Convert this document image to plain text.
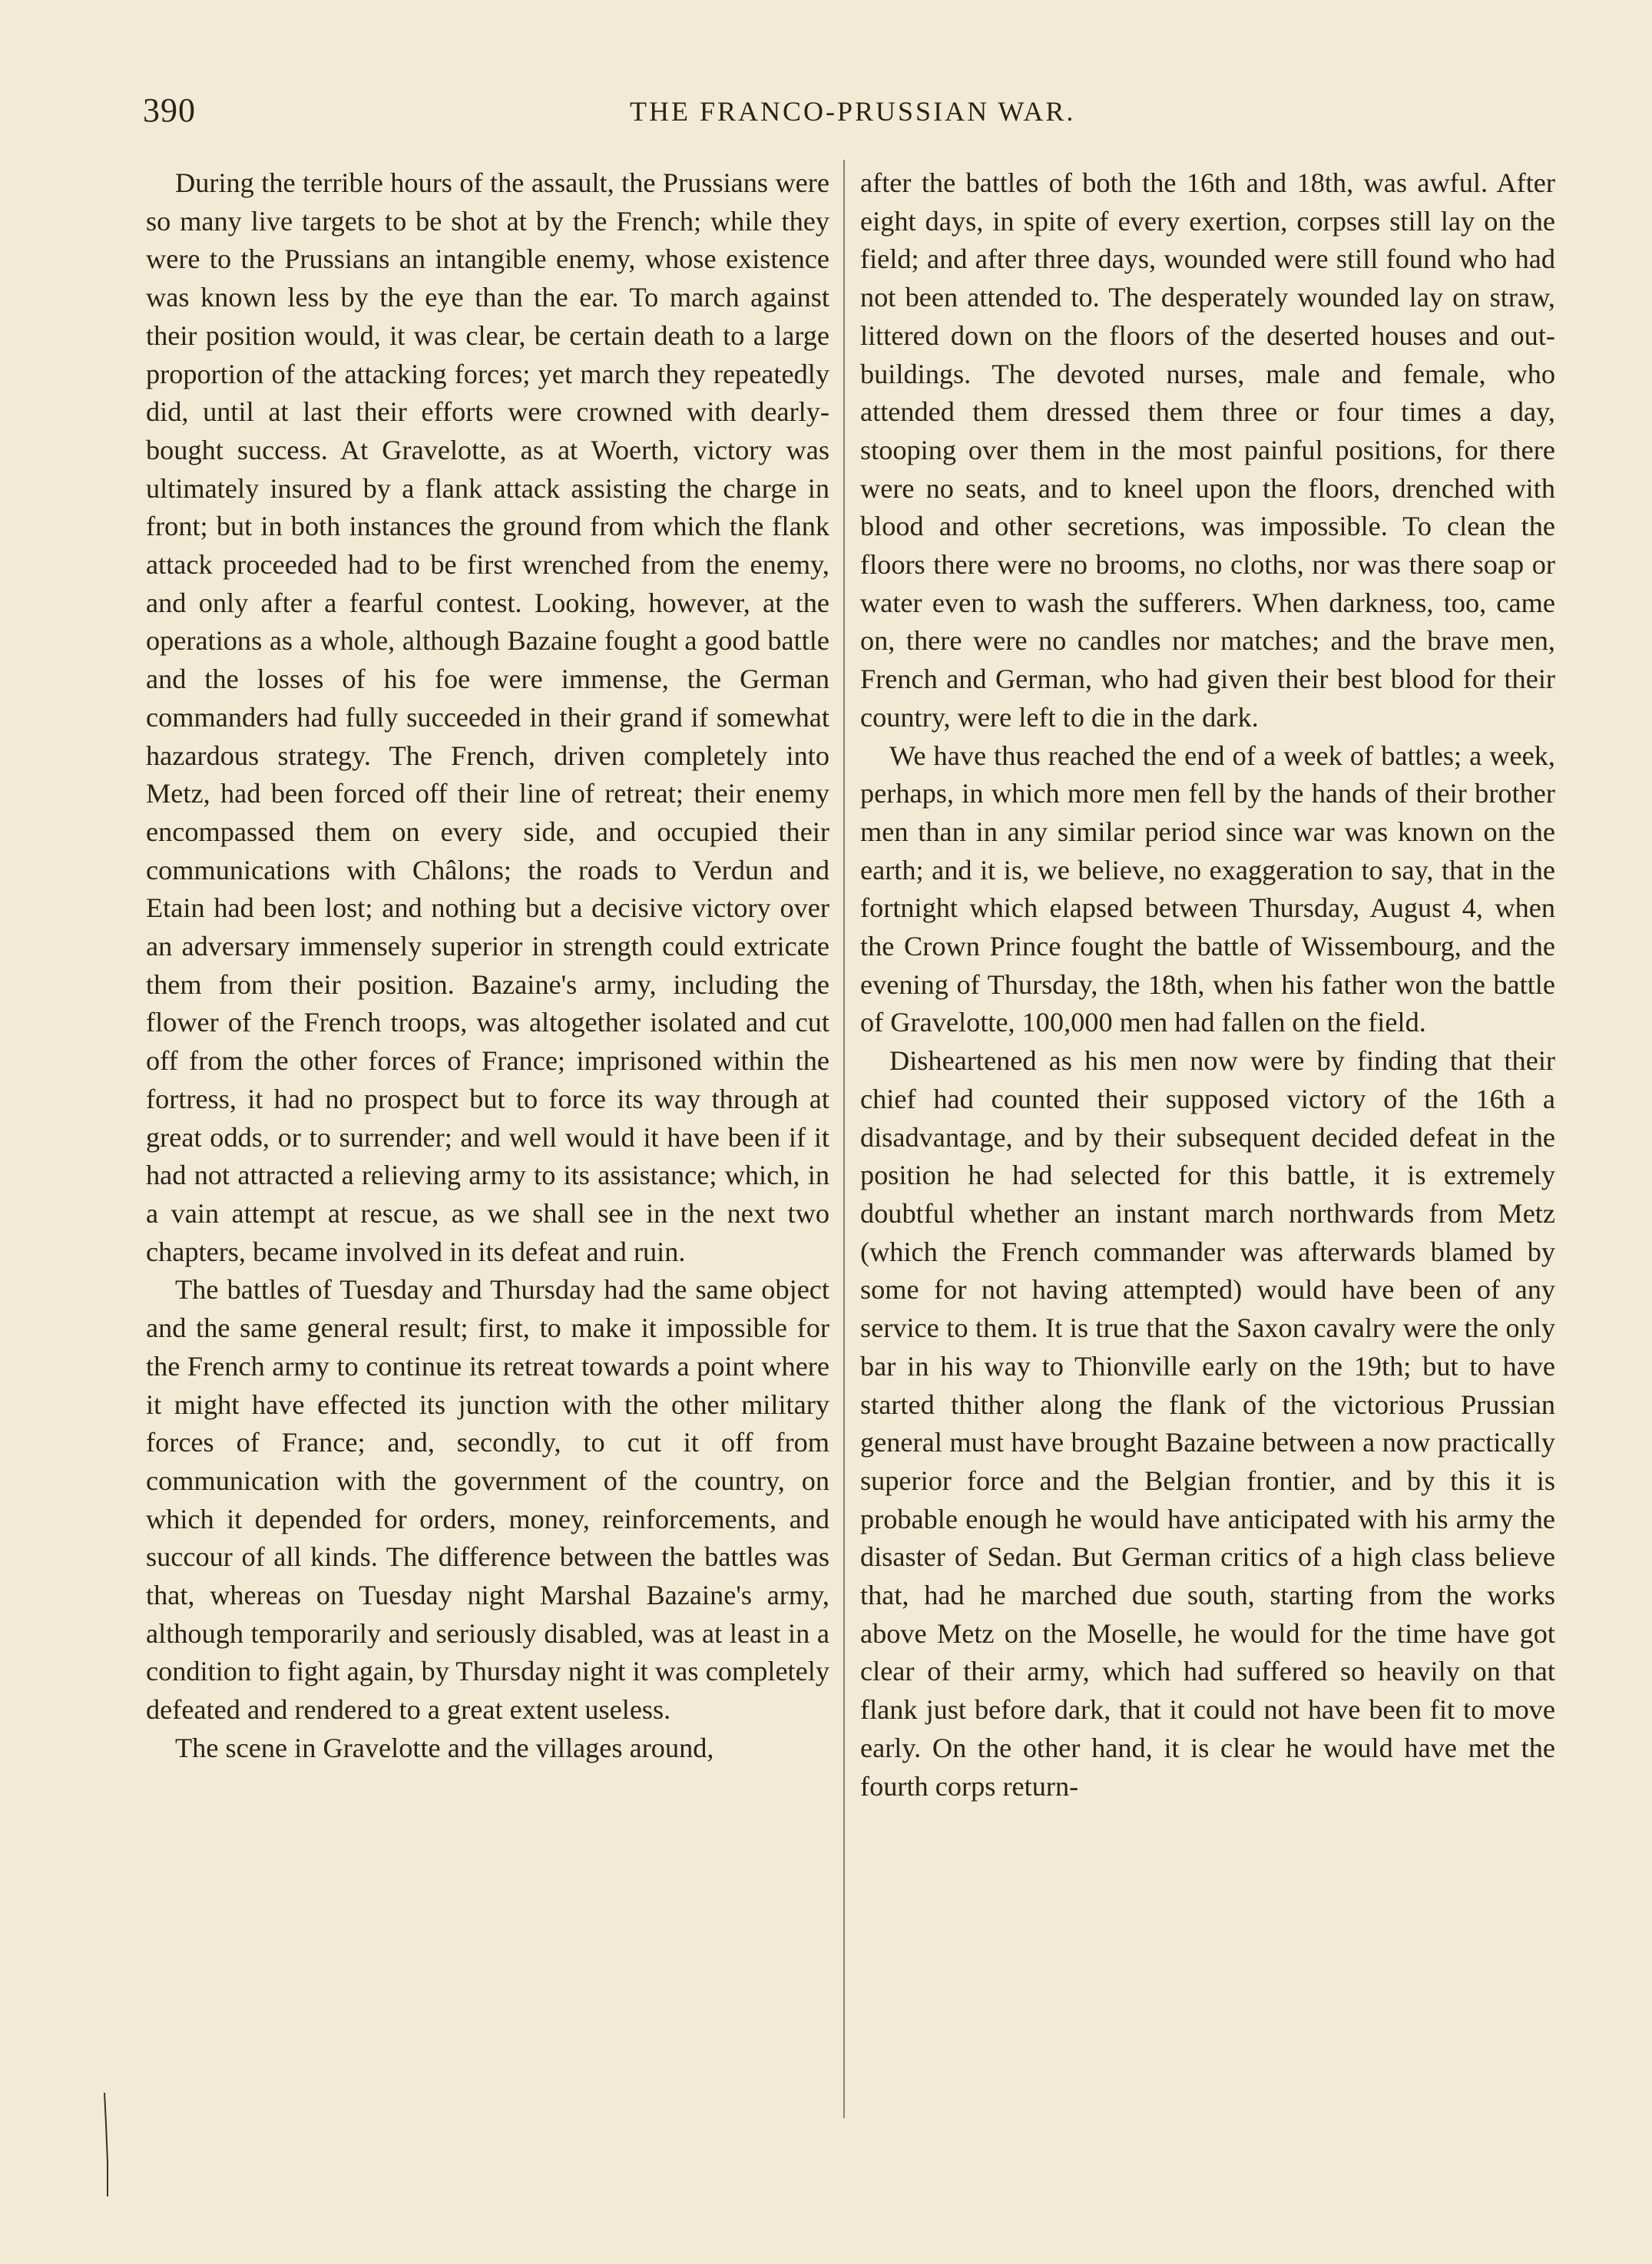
390	THE FRANCO-PRUSSIAN WAR.

During the terrible hours of the assault, the Prussians were so many live targets to be shot at by the French; while they were to the Prussians an intangible enemy, whose existence was known less by the eye than the ear. To march against their position would, it was clear, be certain death to a large proportion of the attacking forces; yet march they repeatedly did, until at last their efforts were crowned with dearly-bought success. At Gravelotte, as at Woerth, victory was ultimately insured by a flank attack assisting the charge in front; but in both instances the ground from which the flank attack proceeded had to be first wrenched from the enemy, and only after a fearful contest. Looking, however, at the operations as a whole, although Bazaine fought a good battle and the losses of his foe were immense, the German commanders had fully succeeded in their grand if somewhat hazardous strategy. The French, driven completely into Metz, had been forced off their line of retreat; their enemy encompassed them on every side, and occupied their communications with Châlons; the roads to Verdun and Etain had been lost; and nothing but a decisive victory over an adversary immensely superior in strength could extricate them from their position. Bazaine's army, including the flower of the French troops, was altogether isolated and cut off from the other forces of France; imprisoned within the fortress, it had no prospect but to force its way through at great odds, or to surrender; and well would it have been if it had not attracted a relieving army to its assistance; which, in a vain attempt at rescue, as we shall see in the next two chapters, became involved in its defeat and ruin.

The battles of Tuesday and Thursday had the same object and the same general result; first, to make it impossible for the French army to continue its retreat towards a point where it might have effected its junction with the other military forces of France; and, secondly, to cut it off from communication with the government of the country, on which it depended for orders, money, reinforcements, and succour of all kinds. The difference between the battles was that, whereas on Tuesday night Marshal Bazaine's army, although temporarily and seriously disabled, was at least in a condition to fight again, by Thursday night it was completely defeated and rendered to a great extent useless.

The scene in Gravelotte and the villages around,

after the battles of both the 16th and 18th, was awful. After eight days, in spite of every exertion, corpses still lay on the field; and after three days, wounded were still found who had not been attended to. The desperately wounded lay on straw, littered down on the floors of the deserted houses and out-buildings. The devoted nurses, male and female, who attended them dressed them three or four times a day, stooping over them in the most painful positions, for there were no seats, and to kneel upon the floors, drenched with blood and other secretions, was impossible. To clean the floors there were no brooms, no cloths, nor was there soap or water even to wash the sufferers. When darkness, too, came on, there were no candles nor matches; and the brave men, French and German, who had given their best blood for their country, were left to die in the dark.

We have thus reached the end of a week of battles; a week, perhaps, in which more men fell by the hands of their brother men than in any similar period since war was known on the earth; and it is, we believe, no exaggeration to say, that in the fortnight which elapsed between Thursday, August 4, when the Crown Prince fought the battle of Wissembourg, and the evening of Thursday, the 18th, when his father won the battle of Gravelotte, 100,000 men had fallen on the field.

Disheartened as his men now were by finding that their chief had counted their supposed victory of the 16th a disadvantage, and by their subsequent decided defeat in the position he had selected for this battle, it is extremely doubtful whether an instant march northwards from Metz (which the French commander was afterwards blamed by some for not having attempted) would have been of any service to them. It is true that the Saxon cavalry were the only bar in his way to Thionville early on the 19th; but to have started thither along the flank of the victorious Prussian general must have brought Bazaine between a now practically superior force and the Belgian frontier, and by this it is probable enough he would have anticipated with his army the disaster of Sedan. But German critics of a high class believe that, had he marched due south, starting from the works above Metz on the Moselle, he would for the time have got clear of their army, which had suffered so heavily on that flank just before dark, that it could not have been fit to move early. On the other hand, it is clear he would have met the fourth corps return-
